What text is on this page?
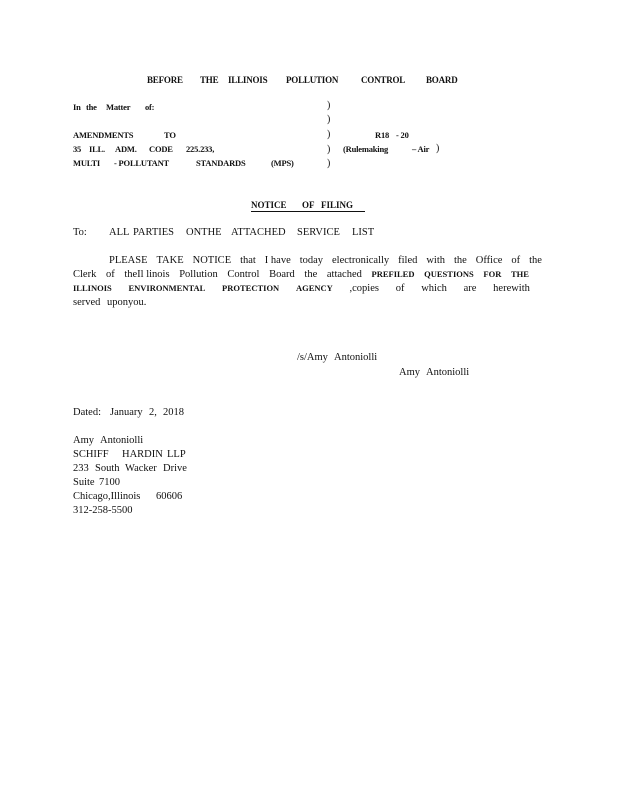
BEFORE THE ILLINOIS POLLUTION	CONTROL BOARD
In the Matter of:	)
)
)
)
)
AMENDMENTS	TO
35 ILL. ADM. CODE 225.233,
MULTI - POLLUTANT	STANDARDS	(MPS)
R18 - 20
(Rulemaking	– Air )
NOTICE OF FILING
To: ALL PARTIES ONTHE ATTACHED SERVICE LIST
PLEASE TAKE NOTICE that I have today electronically filed with the Office of the
Clerk of theIl linois Pollution Control Board the attached PREFILED QUESTIONS FOR THE
ILLINOIS ENVIRONMENTAL PROTECTION AGENCY ,copies of which are herewith
served uponyou.
/s/Amy Antoniolli
Amy Antoniolli
Dated: January 2, 2018
Amy Antoniolli
SCHIFF HARDIN LLP
233 South Wacker Drive
Suite 7100
Chicago,Illinois 60606
312-258-5500
